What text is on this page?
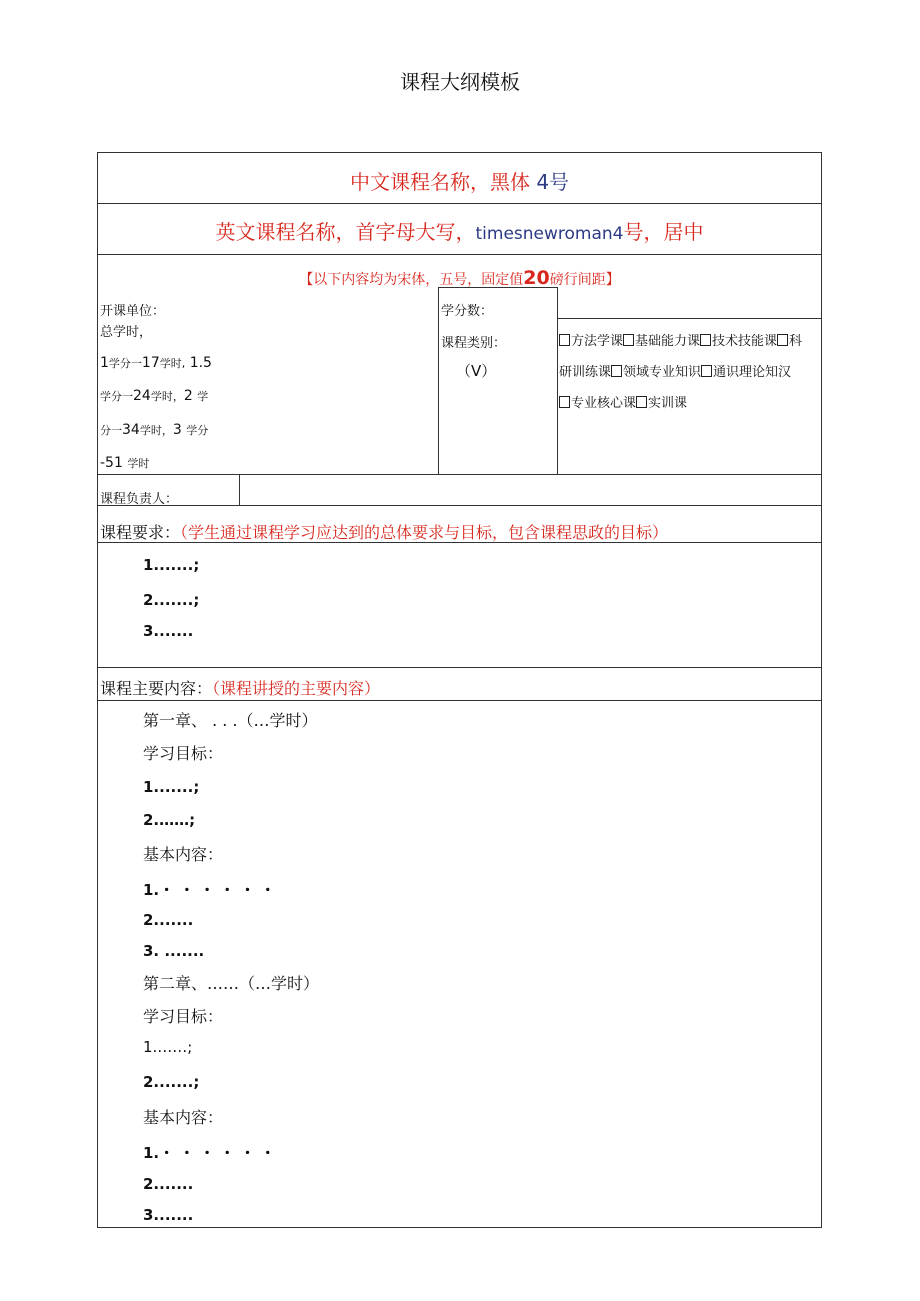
课程大纲模板
中文课程名称，黑体 4号
英文课程名称，首字母大写，timesnewroman4号，居中
【以下内容均为宋体，五号，固定值20磅行间距】
开课单位：
总学时，
1学分一17学时, 1.5
学分一24学时，2 学
分一34学时，3 学分
-51 学时
学分数：
课程类别：
（V）
方法学课 基础能力课 技术技能课 科
研训练课 领域专业知识 通识理论知汉
专业核心课 实训课
课程负责人：
课程要求：（学生通过课程学习应达到的总体要求与目标，包含课程思政的目标）
1.......;
2.......;
3.......
课程主要内容：（课程讲授的主要内容）
第一章、 . . .（…学时）
学习目标：
1.......;
2.……;
基本内容：
1.・ ・ ・ ・ ・ ・
2.......
3. .......
第二章、……（…学时）
学习目标：
1.……;
2.......;
基本内容：
1.・ ・ ・ ・ ・ ・
2.......
3.......
